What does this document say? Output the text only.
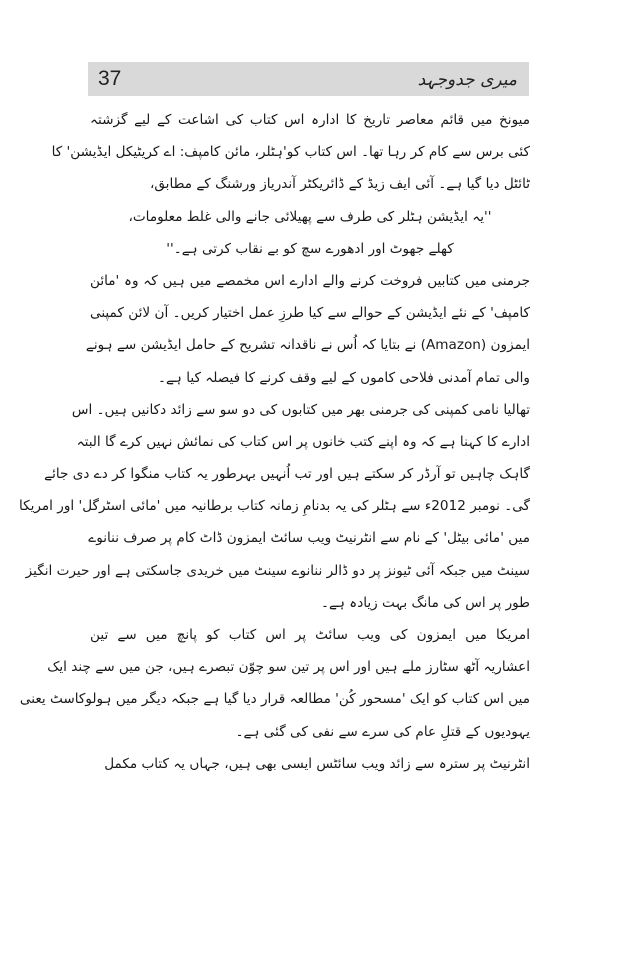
37	میری جدوجہد
میونخ میں قائم معاصر تاریخ کا ادارہ اس کتاب کی اشاعت کے لیے گزشتہ
کئی برس سے کام کر رہا تھا۔ اس کتاب کو'ہٹلر، مائن کامپف: اے کریٹیکل ایڈیشن' کا
ٹائٹل دیا گیا ہے۔ آئی ایف زیڈ کے ڈائریکٹر آندریاز ورشنگ کے مطابق،
''یہ ایڈیشن ہٹلر کی طرف سے پھیلائی جانے والی غلط معلومات،
کھلے جھوٹ اور ادھورے سچ کو بے نقاب کرتی ہے۔''
جرمنی میں کتابیں فروخت کرنے والے ادارے اس مخمصے میں ہیں کہ وہ 'مائن
کامپف' کے نئے ایڈیشن کے حوالے سے کیا طرزِ عمل اختیار کریں۔ آن لائن کمپنی
ایمزون (Amazon) نے بتایا کہ اُس نے ناقدانہ تشریح کے حامل ایڈیشن سے ہونے
والی تمام آمدنی فلاحی کاموں کے لیے وقف کرنے کا فیصلہ کیا ہے۔
تھالیا نامی کمپنی کی جرمنی بھر میں کتابوں کی دو سو سے زائد دکانیں ہیں۔ اس
ادارے کا کہنا ہے کہ وہ اپنے کتب خانوں پر اس کتاب کی نمائش نہیں کرے گا البتہ
گاہک چاہیں تو آرڈر کر سکتے ہیں اور تب اُنہیں بہرطور یہ کتاب منگوا کر دے دی جائے
گی۔ نومبر 2012ء سے ہٹلر کی یہ بدنامِ زمانہ کتاب برطانیہ میں 'مائی اسٹرگل' اور امریکا
میں 'مائی بیٹل' کے نام سے انٹرنیٹ ویب سائٹ ایمزون ڈاٹ کام پر صرف ننانوے
سینٹ میں جبکہ آئی ٹیونز پر دو ڈالر ننانوے سینٹ میں خریدی جاسکتی ہے اور حیرت انگیز
طور پر اس کی مانگ بہت زیادہ ہے۔
امریکا میں ایمزون کی ویب سائٹ پر اس کتاب کو پانچ میں سے تین
اعشاریہ آٹھ سٹارز ملے ہیں اور اس پر تین سو چوّن تبصرے ہیں، جن میں سے چند ایک
میں اس کتاب کو ایک 'مسحور کُن' مطالعہ قرار دیا گیا ہے جبکہ دیگر میں ہولوکاسٹ یعنی
یہودیوں کے قتلِ عام کی سرے سے نفی کی گئی ہے۔
انٹرنیٹ پر سترہ سے زائد ویب سائٹس ایسی بھی ہیں، جہاں یہ کتاب مکمل
